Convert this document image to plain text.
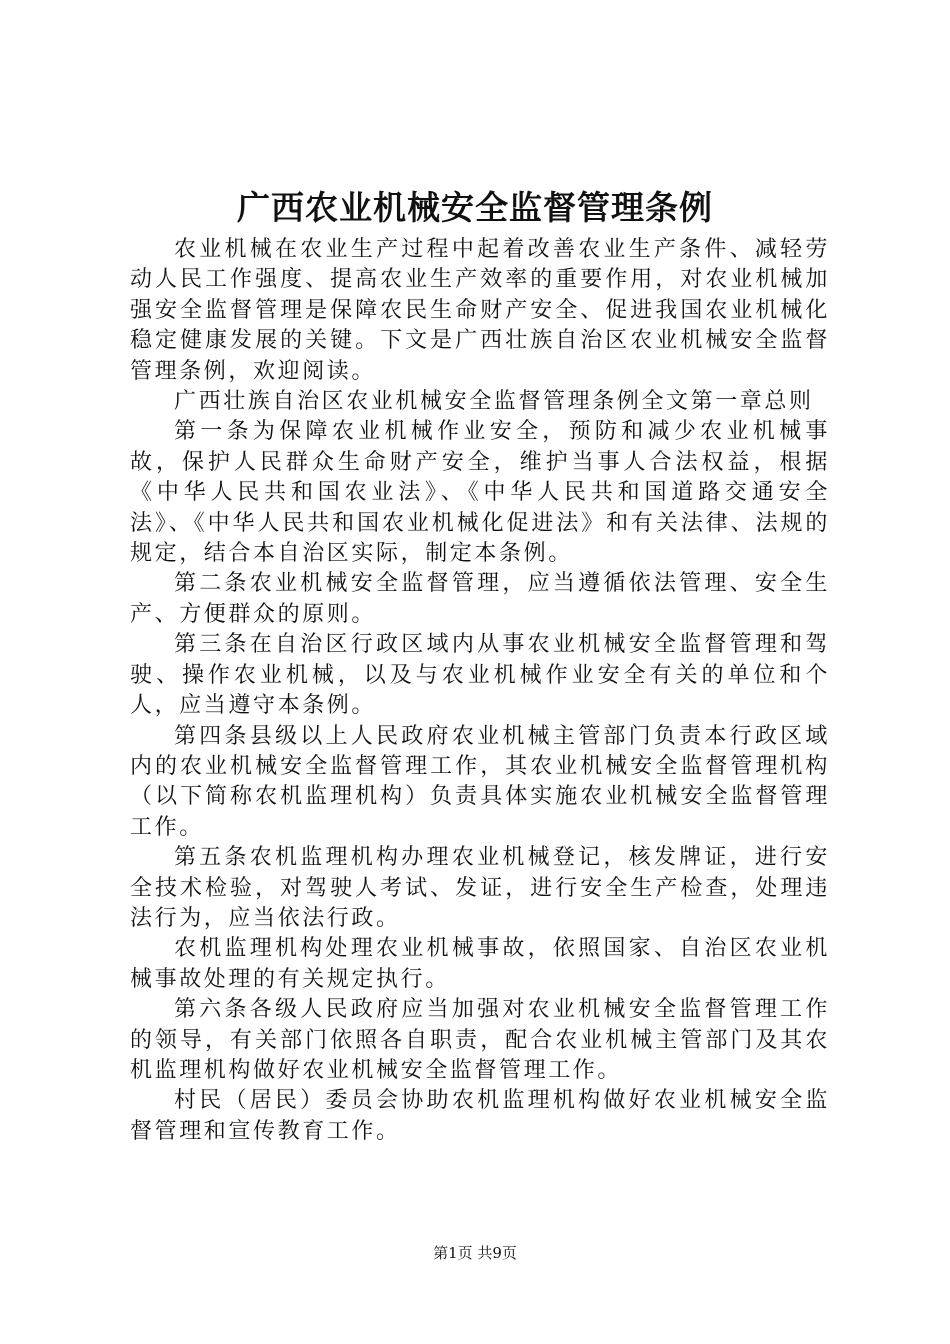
广西农业机械安全监督管理条例

农业机械在农业生产过程中起着改善农业生产条件、减轻劳动人民工作强度、提高农业生产效率的重要作用，对农业机械加强安全监督管理是保障农民生命财产安全、促进我国农业机械化稳定健康发展的关键。下文是广西壮族自治区农业机械安全监督管理条例，欢迎阅读。

广西壮族自治区农业机械安全监督管理条例全文第一章总则

第一条为保障农业机械作业安全，预防和减少农业机械事故，保护人民群众生命财产安全，维护当事人合法权益，根据《中华人民共和国农业法》、《中华人民共和国道路交通安全法》、《中华人民共和国农业机械化促进法》和有关法律、法规的规定，结合本自治区实际，制定本条例。

第二条农业机械安全监督管理，应当遵循依法管理、安全生产、方便群众的原则。

第三条在自治区行政区域内从事农业机械安全监督管理和驾驶、操作农业机械，以及与农业机械作业安全有关的单位和个人，应当遵守本条例。

第四条县级以上人民政府农业机械主管部门负责本行政区域内的农业机械安全监督管理工作，其农业机械安全监督管理机构（以下简称农机监理机构）负责具体实施农业机械安全监督管理工作。

第五条农机监理机构办理农业机械登记，核发牌证，进行安全技术检验，对驾驶人考试、发证，进行安全生产检查，处理违法行为，应当依法行政。

农机监理机构处理农业机械事故，依照国家、自治区农业机械事故处理的有关规定执行。

第六条各级人民政府应当加强对农业机械安全监督管理工作的领导，有关部门依照各自职责，配合农业机械主管部门及其农机监理机构做好农业机械安全监督管理工作。

村民（居民）委员会协助农机监理机构做好农业机械安全监督管理和宣传教育工作。

第1页 共9页
